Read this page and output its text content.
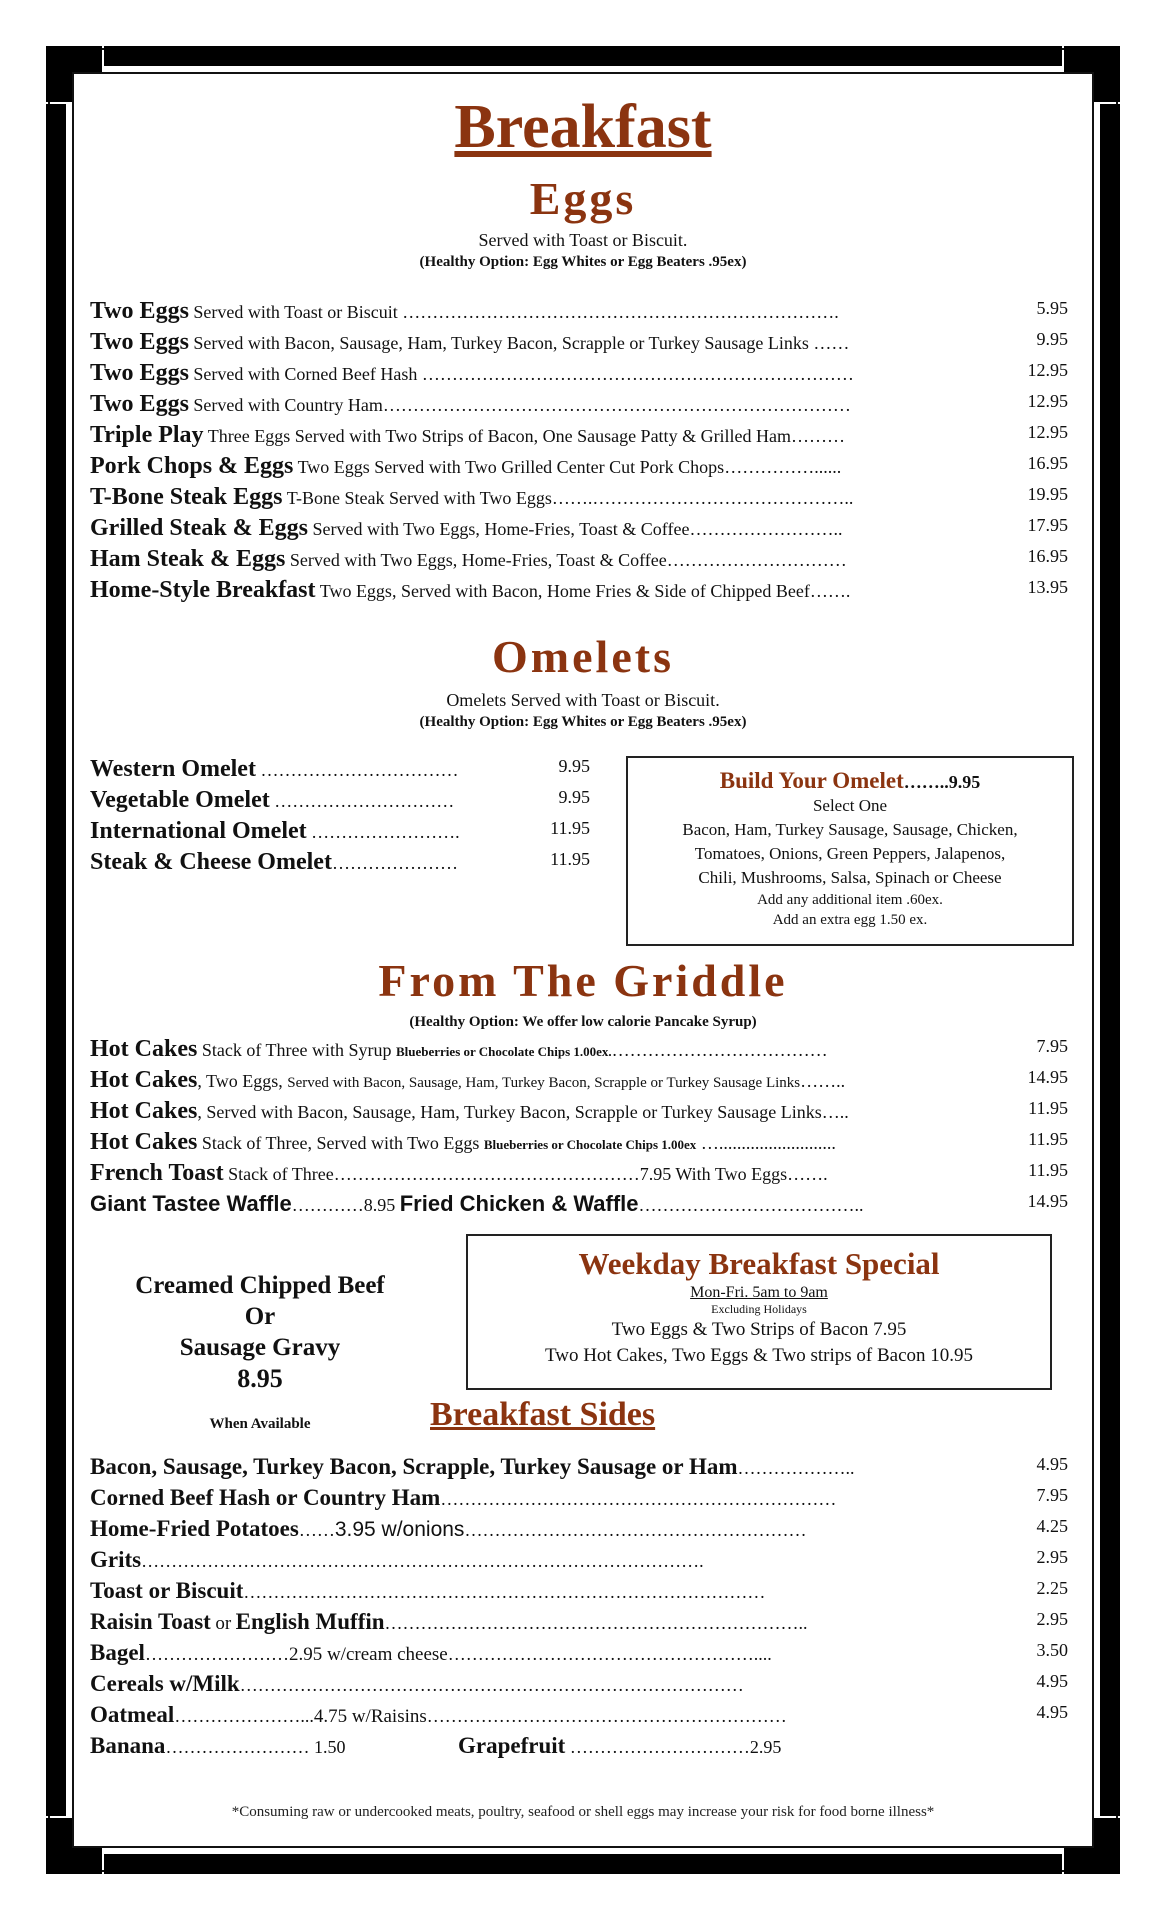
Breakfast
Eggs
Served with Toast or Biscuit.
(Healthy Option: Egg Whites or Egg Beaters .95ex)
Two Eggs Served with Toast or Biscuit ……………………………………………………………….	5.95
Two Eggs Served with Bacon, Sausage, Ham, Turkey Bacon, Scrapple or Turkey Sausage Links ……	9.95
Two Eggs Served with Corned Beef Hash ………………………………………………………………	12.95
Two Eggs Served with Country Ham……………………………………………………………………	12.95
Triple Play Three Eggs Served with Two Strips of Bacon, One Sausage Patty & Grilled Ham………	12.95
Pork Chops & Eggs Two Eggs Served with Two Grilled Center Cut Pork Chops……………......	16.95
T-Bone Steak Eggs T-Bone Steak Served with Two Eggs…….……………………………………..	19.95
Grilled Steak & Eggs Served with Two Eggs, Home-Fries, Toast & Coffee……………………..	17.95
Ham Steak & Eggs Served with Two Eggs, Home-Fries, Toast & Coffee…………………………	16.95
Home-Style Breakfast Two Eggs, Served with Bacon, Home Fries & Side of Chipped Beef…….	13.95
Omelets
Omelets Served with Toast or Biscuit.
(Healthy Option: Egg Whites or Egg Beaters .95ex)
Western Omelet ……………………………	9.95
Vegetable Omelet …………………………	9.95
International Omelet …………………….	11.95
Steak & Cheese Omelet…………………	11.95
Build Your Omelet……..9.95
Select One
Bacon, Ham, Turkey Sausage, Sausage, Chicken,
Tomatoes, Onions, Green Peppers, Jalapenos,
Chili, Mushrooms, Salsa, Spinach or Cheese
Add any additional item .60ex.
Add an extra egg 1.50 ex.
From The Griddle
(Healthy Option: We offer low calorie Pancake Syrup)
Hot Cakes Stack of Three with Syrup Blueberries or Chocolate Chips 1.00ex.………………………………	7.95
Hot Cakes, Two Eggs, Served with Bacon, Sausage, Ham, Turkey Bacon, Scrapple or Turkey Sausage Links……..	14.95
Hot Cakes, Served with Bacon, Sausage, Ham, Turkey Bacon, Scrapple or Turkey Sausage Links…..	11.95
Hot Cakes Stack of Three, Served with Two Eggs Blueberries or Chocolate Chips 1.00ex …..........................	11.95
French Toast Stack of Three……………………………………………7.95 With Two Eggs…….	11.95
Giant Tastee Waffle…………8.95 Fried Chicken & Waffle………………………………..	14.95
Creamed Chipped Beef
Or
Sausage Gravy
8.95
When Available
Weekday Breakfast Special
Mon-Fri. 5am to 9am
Excluding Holidays
Two Eggs & Two Strips of Bacon 7.95
Two Hot Cakes, Two Eggs & Two strips of Bacon 10.95
Breakfast Sides
Bacon, Sausage, Turkey Bacon, Scrapple, Turkey Sausage or Ham………………..	4.95
Corned Beef Hash or Country Ham…………………………………………………………	7.95
Home-Fried Potatoes……3.95 w/onions…………………………………………………	4.25
Grits………………………………………………………………………………….	2.95
Toast or Biscuit……………………………………………………………………………	2.25
Raisin Toast or English Muffin……………………………………………………………..	2.95
Bagel……………………2.95 w/cream cheese……………………………………………....	3.50
Cereals w/Milk…………………………………………………………………………	4.95
Oatmeal…………………...4.75 w/Raisins……………………………………………………	4.95
Banana…………………… 1.50	Grapefruit …………………………2.95
*Consuming raw or undercooked meats, poultry, seafood or shell eggs may increase your risk for food borne illness*
